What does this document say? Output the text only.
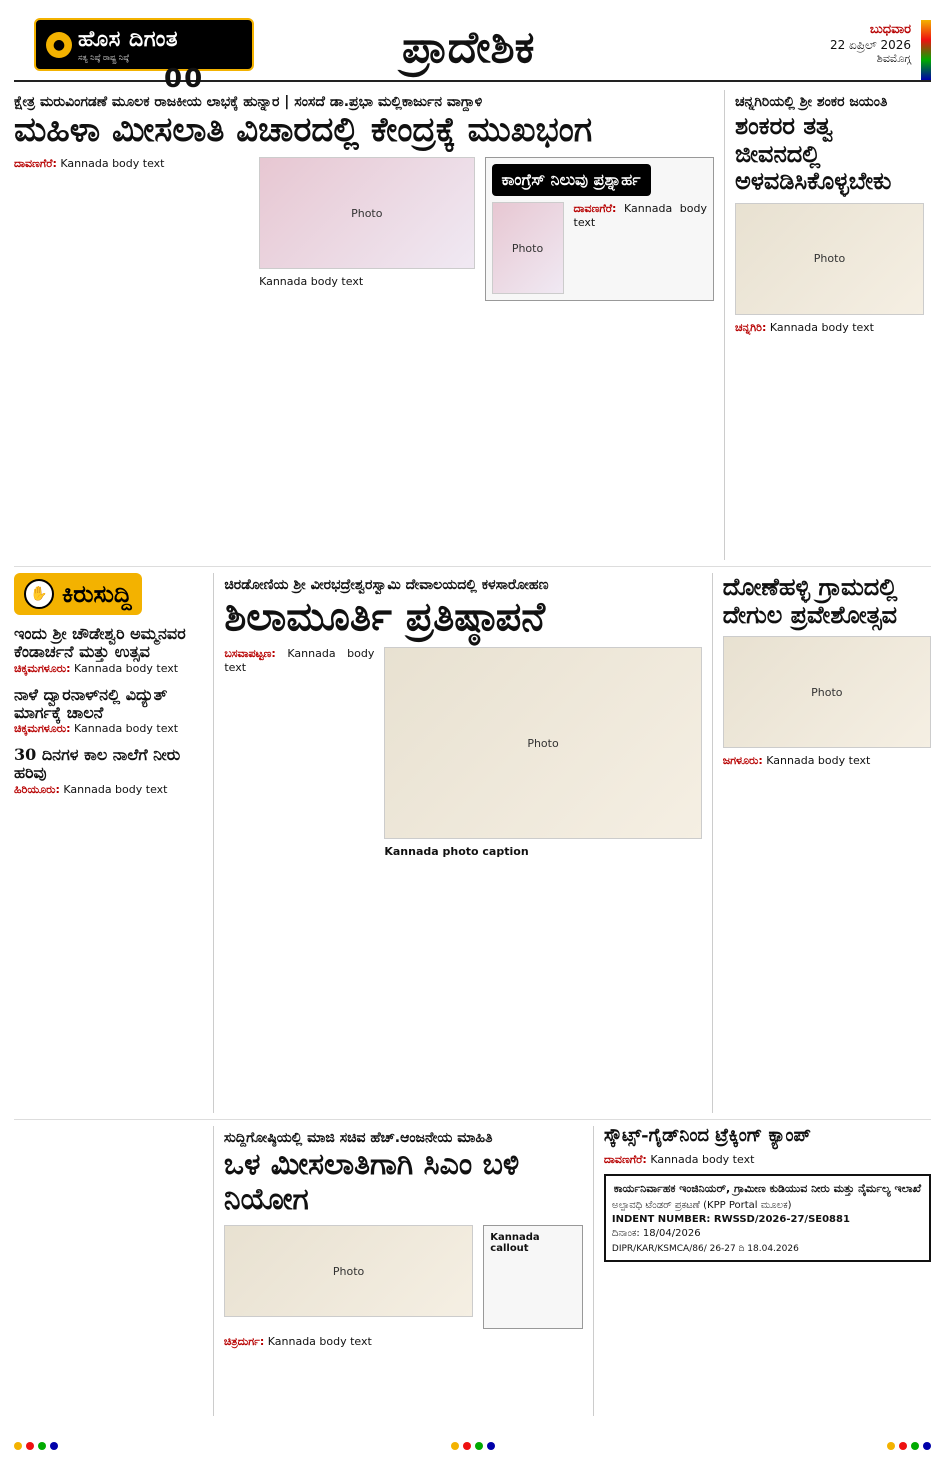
● ಹೊಸ ದಿಗಂತ
ಸತ್ಯ ನಿಷ್ಠೆ ರಾಷ್ಟ್ರ ನಿಷ್ಠೆ
00
ಪ್ರಾದೇಶಿಕ	ಬುಧವಾರ
22 ಏಪ್ರಿಲ್ 2026
ಶಿವಮೊಗ್ಗ
ಕ್ಷೇತ್ರ ಮರುವಿಂಗಡಣೆ ಮೂಲಕ ರಾಜಕೀಯ ಲಾಭಕ್ಕೆ ಹುನ್ನಾರ | ಸಂಸದೆ ಡಾ.ಪ್ರಭಾ ಮಲ್ಲಿಕಾರ್ಜುನ ವಾಗ್ದಾಳಿ
ಮಹಿಳಾ ಮೀಸಲಾತಿ ವಿಚಾರದಲ್ಲಿ ಕೇಂದ್ರಕ್ಕೆ ಮುಖಭಂಗ
ದಾವಣಗೆರೆ: Kannada body text
Photo
Kannada body text
ಕಾಂಗ್ರೆಸ್ ನಿಲುವು ಪ್ರಶ್ನಾರ್ಹ
Photo
ದಾವಣಗೆರೆ: Kannada body text
ಚನ್ನಗಿರಿಯಲ್ಲಿ ಶ್ರೀ ಶಂಕರ ಜಯಂತಿ
ಶಂಕರರ ತತ್ವ ಜೀವನದಲ್ಲಿ ಅಳವಡಿಸಿಕೊಳ್ಳಬೇಕು
Photo
ಚನ್ನಗಿರಿ: Kannada body text
✋ ಕಿರುಸುದ್ದಿ
ಇಂದು ಶ್ರೀ ಚೌಡೇಶ್ವರಿ ಅಮ್ಮನವರ ಕೆಂಡಾರ್ಚನೆ ಮತ್ತು ಉತ್ಸವ
ಚಿಕ್ಕಮಗಳೂರು: Kannada body text
ನಾಳೆ ದ್ವಾರನಾಳ್‌ನಲ್ಲಿ ವಿದ್ಯುತ್ ಮಾರ್ಗಕ್ಕೆ ಚಾಲನೆ
ಚಿಕ್ಕಮಗಳೂರು: Kannada body text
30 ದಿನಗಳ ಕಾಲ ನಾಲೆಗೆ ನೀರು ಹರಿವು
ಹಿರಿಯೂರು: Kannada body text
ಚಿರಡೋಣಿಯ ಶ್ರೀ ವೀರಭದ್ರೇಶ್ವರಸ್ವಾಮಿ ದೇವಾಲಯದಲ್ಲಿ ಕಳಸಾರೋಹಣ
ಶಿಲಾಮೂರ್ತಿ ಪ್ರತಿಷ್ಠಾಪನೆ
ಬಸವಾಪಟ್ಟಣ: Kannada body text
Photo
Kannada photo caption
ದೋಣೆಹಳ್ಳಿ ಗ್ರಾಮದಲ್ಲಿ ದೇಗುಲ ಪ್ರವೇಶೋತ್ಸವ
Photo
ಜಗಳೂರು: Kannada body text
ಸುದ್ದಿಗೋಷ್ಠಿಯಲ್ಲಿ ಮಾಜಿ ಸಚಿವ ಹೆಚ್.ಆಂಜನೇಯ ಮಾಹಿತಿ
ಒಳ ಮೀಸಲಾತಿಗಾಗಿ ಸಿಎಂ ಬಳಿ ನಿಯೋಗ
Photo
Kannada callout
ಚಿತ್ರದುರ್ಗ: Kannada body text
ಸ್ಕೌಟ್ಸ್-ಗೈಡ್‌ನಿಂದ ಟ್ರೆಕ್ಕಿಂಗ್ ಕ್ಯಾಂಪ್
ದಾವಣಗೆರೆ: Kannada body text
ಕಾರ್ಯನಿರ್ವಾಹಕ ಇಂಜಿನಿಯರ್, ಗ್ರಾಮೀಣ ಕುಡಿಯುವ ನೀರು ಮತ್ತು ನೈರ್ಮಲ್ಯ ಇಲಾಖೆ
ಅಲ್ಪಾವಧಿ ಟೆಂಡರ್ ಪ್ರಕಟಣೆ (KPP Portal ಮೂಲಕ)
INDENT NUMBER: RWSSD/2026-27/SE0881
ದಿನಾಂಕ: 18/04/2026
DIPR/KAR/KSMCA/86/ 26-27 ದಿ 18.04.2026
